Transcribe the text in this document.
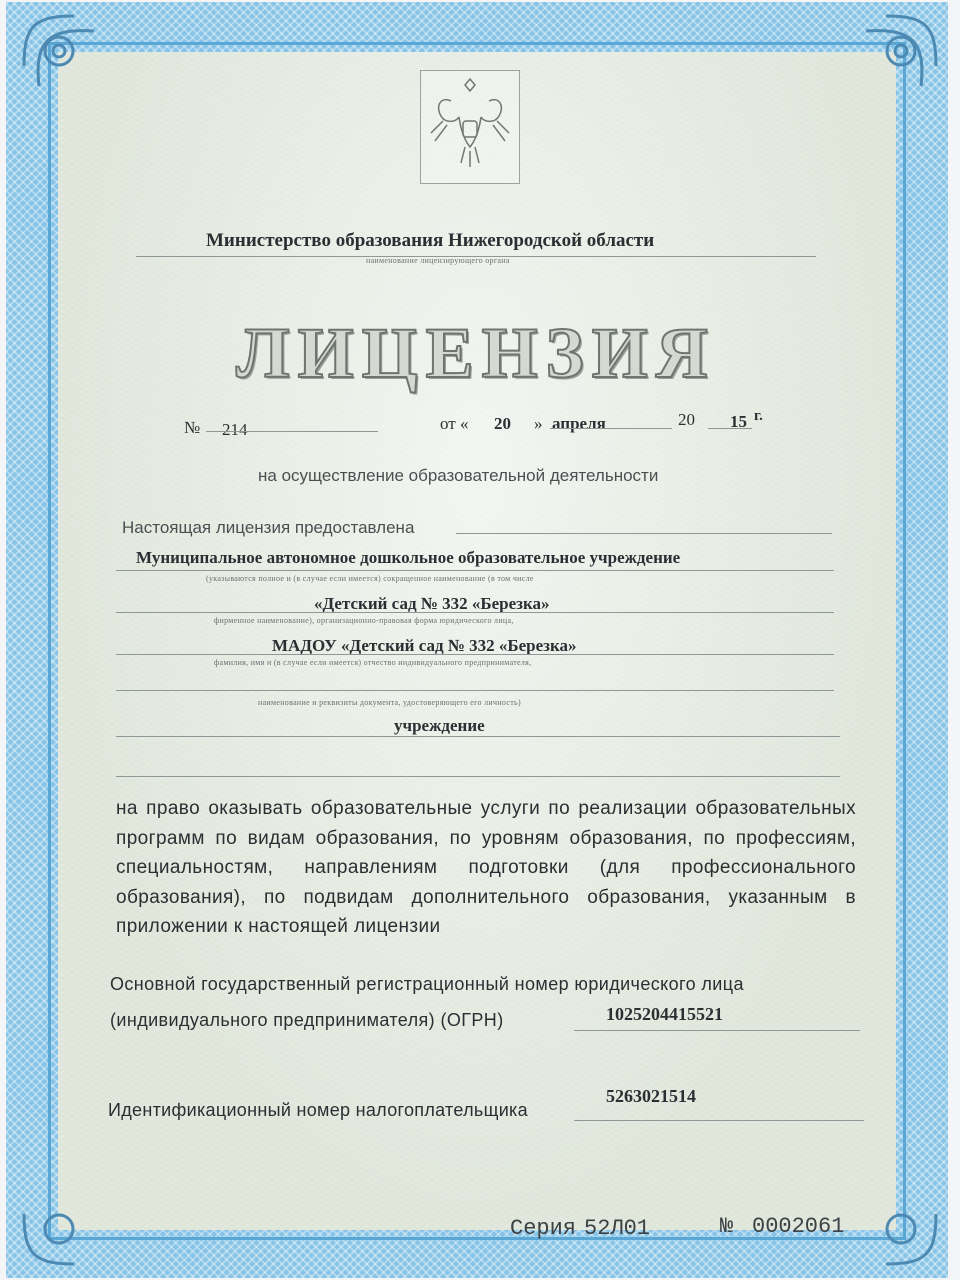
Министерство образования Нижегородской области
наименование лицензирующего органа
ЛИЦЕНЗИЯ
№ 214	от « 20 » апреля	20 15 г.
на осуществление образовательной деятельности
Настоящая лицензия предоставлена
Муниципальное автономное дошкольное образовательное учреждение
(указываются полное и (в случае если имеется) сокращенное наименование (в том числе
«Детский сад № 332 «Березка»
фирменное наименование), организационно-правовая форма юридического лица,
МАДОУ «Детский сад № 332 «Березка»
фамилия, имя и (в случае если имеется) отчество индивидуального предпринимателя,
наименование и реквизиты документа, удостоверяющего его личность)
учреждение
на право оказывать образовательные услуги по реализации образовательных программ по видам образования, по уровням образования, по профессиям, специальностям, направлениям подготовки (для профессионального образования), по подвидам дополнительного образования, указанным в приложении к настоящей лицензии
Основной государственный регистрационный номер юридического лица
(индивидуального предпринимателя) (ОГРН)	1025204415521
Идентификационный номер налогоплательщика
5263021514
Серия 52Л01	№ 0002061
